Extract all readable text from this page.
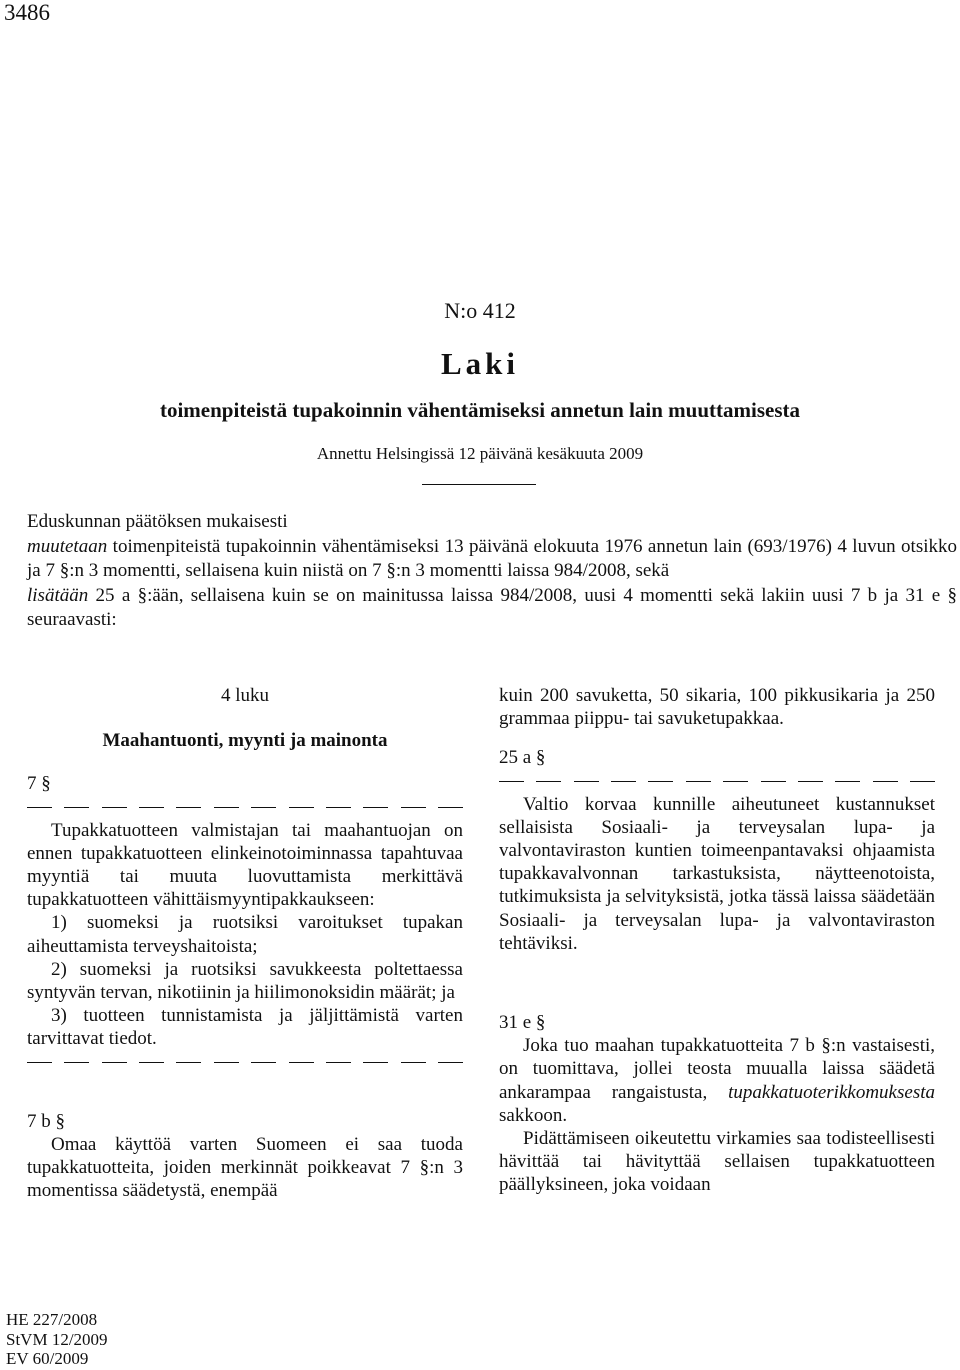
3486
N:o 412
Laki
toimenpiteistä tupakoinnin vähentämiseksi annetun lain muuttamisesta
Annettu Helsingissä 12 päivänä kesäkuuta 2009

Eduskunnan päätöksen mukaisesti

muutetaan toimenpiteistä tupakoinnin vähentämiseksi 13 päivänä elokuuta 1976 annetun lain (693/1976) 4 luvun otsikko ja 7 §:n 3 momentti, sellaisena kuin niistä on 7 §:n 3 momentti laissa 984/2008, sekä

lisätään 25 a §:ään, sellaisena kuin se on mainitussa laissa 984/2008, uusi 4 momentti sekä lakiin uusi 7 b ja 31 e § seuraavasti:

4 luku

Maahantuonti, myynti ja mainonta

7 §

Tupakkatuotteen valmistajan tai maahantuojan on ennen tupakkatuotteen elinkeinotoiminnassa tapahtuvaa myyntiä tai muuta luovuttamista merkittävä tupakkatuotteen vähittäismyyntipakkaukseen:

1) suomeksi ja ruotsiksi varoitukset tupakan aiheuttamista terveyshaitoista;

2) suomeksi ja ruotsiksi savukkeesta poltettaessa syntyvän tervan, nikotiinin ja hiilimonoksidin määrät; ja

3) tuotteen tunnistamista ja jäljittämistä varten tarvittavat tiedot.

7 b §

Omaa käyttöä varten Suomeen ei saa tuoda tupakkatuotteita, joiden merkinnät poikkeavat 7 §:n 3 momentissa säädetystä, enempää

kuin 200 savuketta, 50 sikaria, 100 pikkusikaria ja 250 grammaa piippu- tai savuketupakkaa.

25 a §

Valtio korvaa kunnille aiheutuneet kustannukset sellaisista Sosiaali- ja terveysalan lupa- ja valvontaviraston kuntien toimeenpantavaksi ohjaamista tupakkavalvonnan tarkastuksista, näytteenotoista, tutkimuksista ja selvityksistä, jotka tässä laissa säädetään Sosiaali- ja terveysalan lupa- ja valvontaviraston tehtäviksi.

31 e §

Joka tuo maahan tupakkatuotteita 7 b §:n vastaisesti, on tuomittava, jollei teosta muualla laissa säädetä ankarampaa rangaistusta, tupakkatuoterikkomuksesta sakkoon.

Pidättämiseen oikeutettu virkamies saa todisteellisesti hävittää tai hävityttää sellaisen tupakkatuotteen päällyksineen, joka voidaan

HE 227/2008
StVM 12/2009
EV 60/2009
